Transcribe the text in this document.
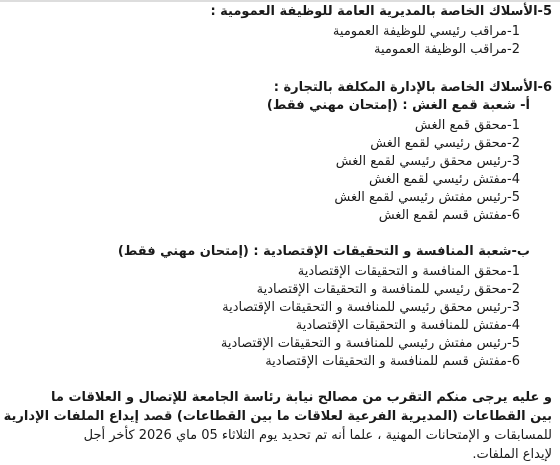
5-الأسلاك الخاصة بالمديرية العامة للوظيفة العمومية :
1-مراقب رئيسي للوظيفة العمومية
2-مراقب الوظيفة العمومية
6-الأسلاك الخاصة بالإدارة المكلفة بالتجارة :
أ- شعبة قمع الغش : (إمتحان مهني فقط)
1-محقق قمع الغش
2-محقق رئيسي لقمع الغش
3-رئيس محقق رئيسي لقمع الغش
4-مفتش رئيسي لقمع الغش
5-رئيس مفتش رئيسي لقمع الغش
6-مفتش قسم لقمع الغش
ب-شعبة المنافسة و التحقيقات الإقتصادية : (إمتحان مهني فقط)
1-محقق المنافسة و التحقيقات الإقتصادية
2-محقق رئيسي للمنافسة و التحقيقات الإقتصادية
3-رئيس محقق رئيسي للمنافسة و التحقيقات الإقتصادية
4-مفتش للمنافسة و التحقيقات الإقتصادية
5-رئيس مفتش رئيسي للمنافسة و التحقيقات الإقتصادية
6-مفتش قسم للمنافسة و التحقيقات الإقتصادية
و عليه يرجى منكم التقرب من مصالح نيابة رئاسة الجامعة للإتصال و العلاقات ما
بين القطاعات (المديرية الفرعية لعلاقات ما بين القطاعات) قصد إيداع الملفات الإدارية
للمسابقات و الإمتحانات المهنية ، علما أنه تم تحديد يوم الثلاثاء 05 ماي 2026 كأخر أجل
لإيداع الملفات.
